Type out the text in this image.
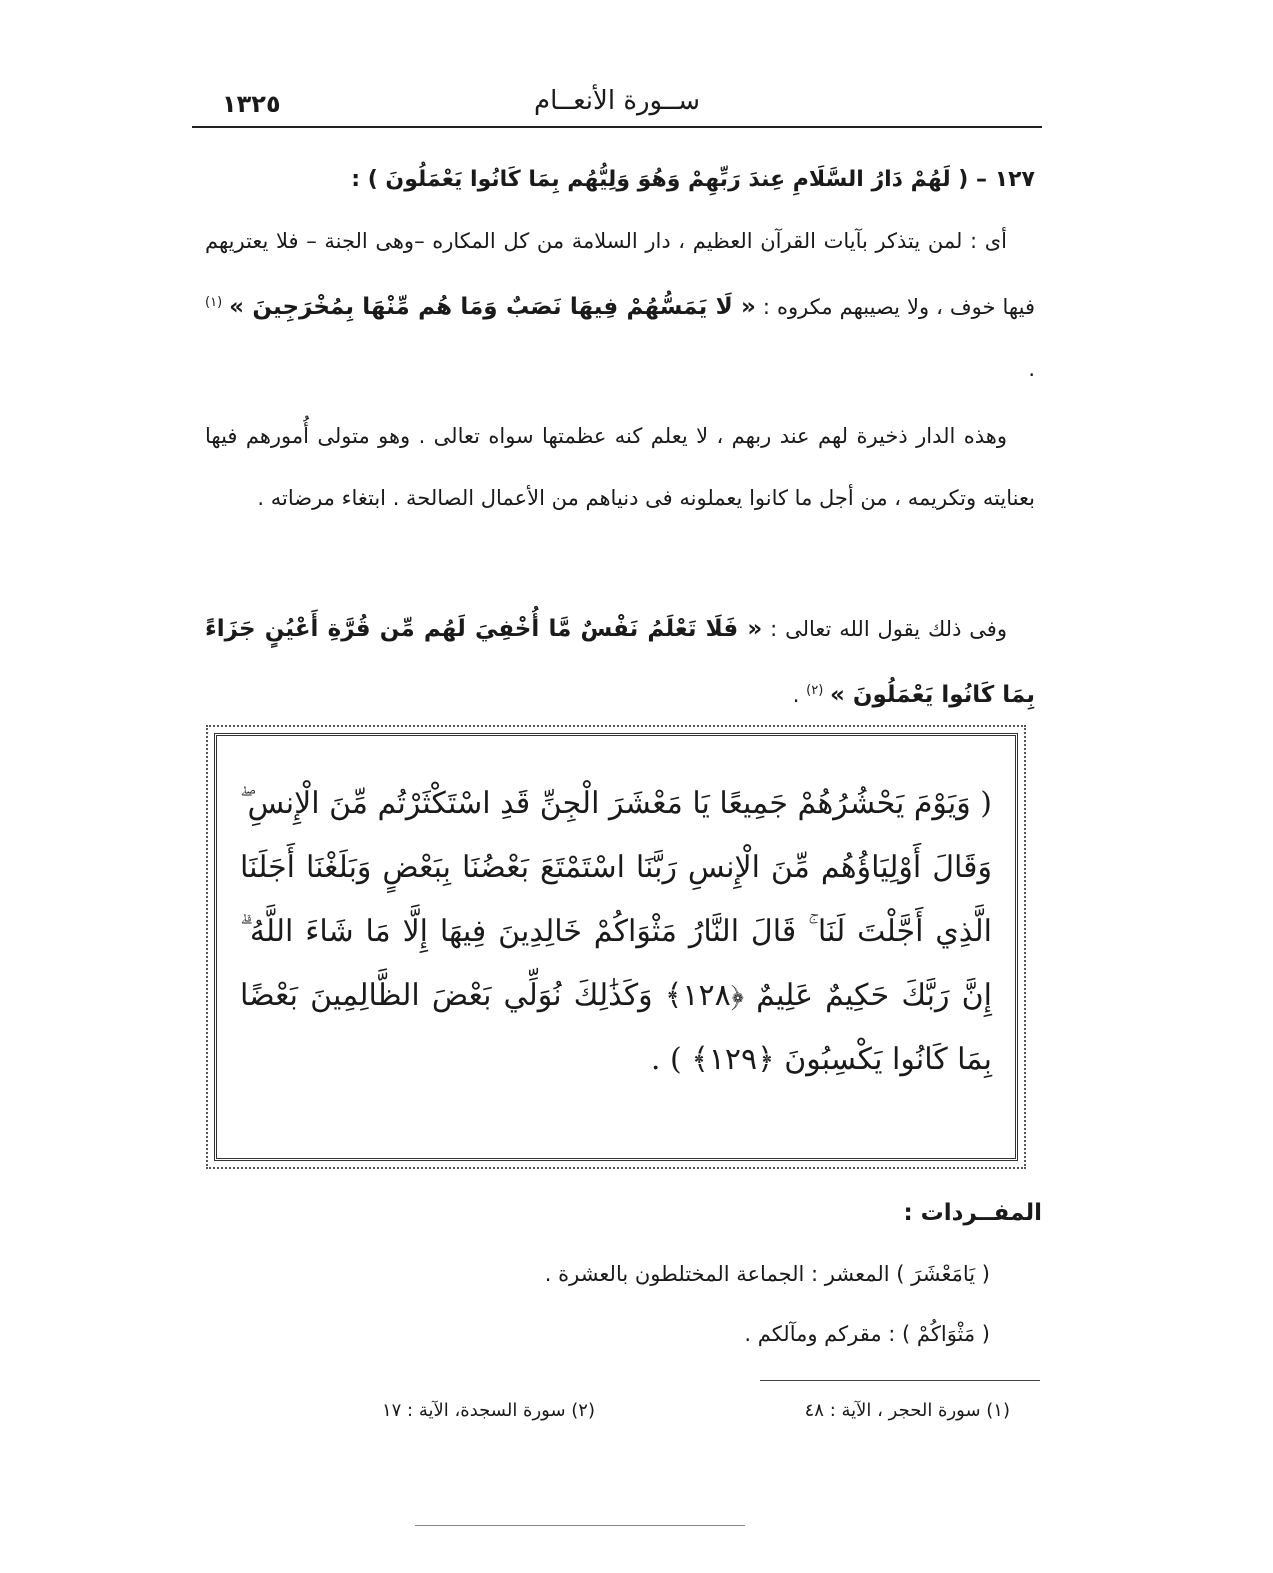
١٣٢٥	ســورة الأنعــام
١٢٧ – ( لَهُمْ دَارُ السَّلَامِ عِندَ رَبِّهِمْ وَهُوَ وَلِيُّهُم بِمَا كَانُوا يَعْمَلُونَ ) :
أى : لمن يتذكر بآيات القرآن العظيم ، دار السلامة من كل المكاره –وهى الجنة – فلا يعتريهم فيها خوف ، ولا يصيبهم مكروه : « لَا يَمَسُّهُمْ فِيهَا نَصَبٌ وَمَا هُم مِّنْهَا بِمُخْرَجِينَ » $^{(١)}$ .
وهذه الدار ذخيرة لهم عند ربهم ، لا يعلم كنه عظمتها سواه تعالى . وهو متولى أُمورهم فيها بعنايته وتكريمه ، من أجل ما كانوا يعملونه فى دنياهم من الأعمال الصالحة . ابتغاء مرضاته .
وفى ذلك يقول الله تعالى : « فَلَا تَعْلَمُ نَفْسٌ مَّا أُخْفِيَ لَهُم مِّن قُرَّةِ أَعْيُنٍ جَزَاءً بِمَا كَانُوا يَعْمَلُونَ » $^{(٢)}$ .
( وَيَوْمَ يَحْشُرُهُمْ جَمِيعًا يَا مَعْشَرَ الْجِنِّ قَدِ اسْتَكْثَرْتُم مِّنَ الْإِنسِ ۖ وَقَالَ أَوْلِيَاؤُهُم مِّنَ الْإِنسِ رَبَّنَا اسْتَمْتَعَ بَعْضُنَا بِبَعْضٍ وَبَلَغْنَا أَجَلَنَا الَّذِي أَجَّلْتَ لَنَا ۚ قَالَ النَّارُ مَثْوَاكُمْ خَالِدِينَ فِيهَا إِلَّا مَا شَاءَ اللَّهُ ۗ إِنَّ رَبَّكَ حَكِيمٌ عَلِيمٌ ﴿١٢٨﴾ وَكَذَٰلِكَ نُوَلِّي بَعْضَ الظَّالِمِينَ بَعْضًا بِمَا كَانُوا يَكْسِبُونَ ﴿١٢٩﴾ ) .
المفــردات :
( يَامَعْشَرَ ) المعشر : الجماعة المختلطون بالعشرة .
( مَثْوَاكُمْ ) : مقركم ومآلكم .
(١) سورة الحجر ، الآية : ٤٨
(٢) سورة السجدة، الآية : ١٧
